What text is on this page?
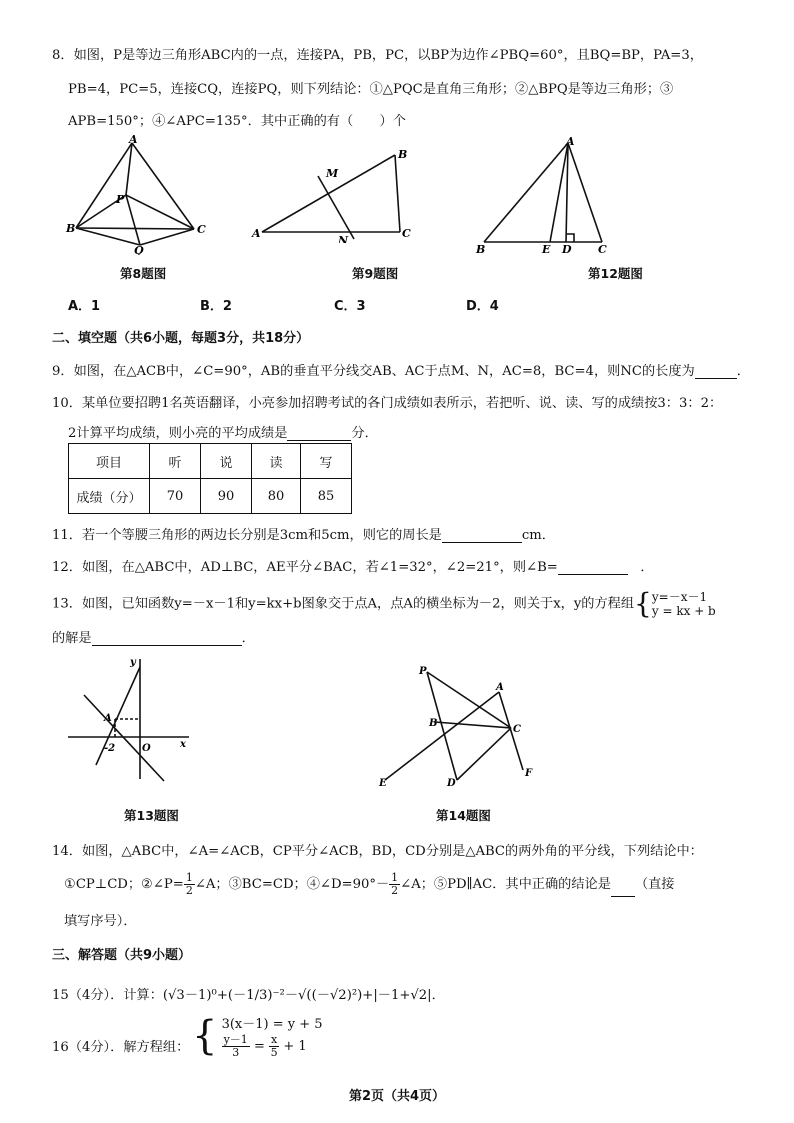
8．如图，P是等边三角形ABC内的一点，连接PA，PB，PC，以BP为边作∠PBQ=60°，且BQ=BP，PA=3，
PB=4，PC=5，连接CQ，连接PQ，则下列结论：①△PQC是直角三角形；②△BPQ是等边三角形；③
APB=150°；④∠APC=135°．其中正确的有（　　）个
A
B	C
P
Q
A
B
C
M
N
A
B	E D C
第8题图	第9题图	第12题图
A．1	B．2	C．3	D．4
二、填空题（共6小题，每题3分，共18分）
9．如图，在△ACB中，∠C=90°，AB的垂直平分线交AB、AC于点M、N，AC=8，BC=4，则NC的长度为	．
10．某单位要招聘1名英语翻译，小亮参加招聘考试的各门成绩如表所示，若把听、说、读、写的成绩按3：3：2：
2计算平均成绩，则小亮的平均成绩是	分．
项目	听	说	读	写
成绩（分）	70	90	80	85
11．若一个等腰三角形的两边长分别是3cm和5cm，则它的周长是	cm．
12．如图，在△ABC中，AD⊥BC，AE平分∠BAC，若∠1=32°，∠2=21°，则∠B=	．
13．如图，已知函数y=－x－1和y=kx+b图象交于点A，点A的横坐标为－2，则关于x，y的方程组{y=－x－1
y = kx + b
的解是	．
y
x
A
-2	O
P
A
B
C
E	D
F
第13题图	第14题图
14．如图，△ABC中，∠A=∠ACB，CP平分∠ACB，BD，CD分别是△ABC的两外角的平分线，下列结论中：
①CP⊥CD；②∠P= $\frac{1}{2}\angle A$；③BC=CD；④∠D=90°－ $\frac{1}{2}\angle A$；⑤PD∥AC．其中正确的结论是 （直接
填写序号）．
三、解答题（共9小题）
15（4分）．计算：(√3－1)⁰+(－1/3)⁻²－√((－√2)²)+|－1+√2|．
16（4分）．解方程组： { 3(x－1) = y + 5
$\frac{y-1}{3} = \frac{x}{5} + 1$
第2页（共4页）
